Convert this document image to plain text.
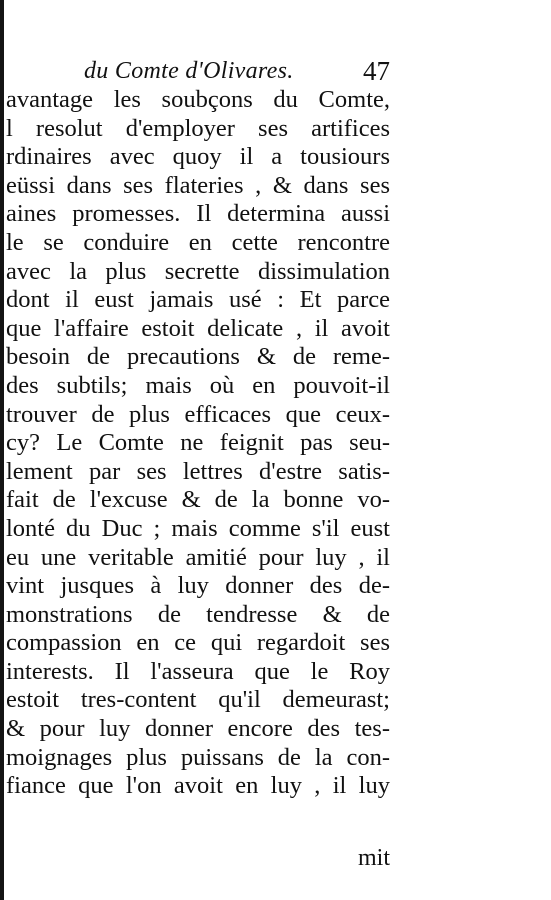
du Comte d'Olivares.	47
avantage les soubçons du Comte,
l resolut d'employer ses artifices
rdinaires avec quoy il a tousiours
eüssi dans ses flateries , & dans ses
aines promesses. Il determina aussi
le se conduire en cette rencontre
avec la plus secrette dissimulation
dont il eust jamais usé : Et parce
que l'affaire estoit delicate , il avoit
besoin de precautions & de reme-
des subtils; mais où en pouvoit-il
trouver de plus efficaces que ceux-
cy? Le Comte ne feignit pas seu-
lement par ses lettres d'estre satis-
fait de l'excuse & de la bonne vo-
lonté du Duc ; mais comme s'il eust
eu une veritable amitié pour luy , il
vint jusques à luy donner des de-
monstrations de tendresse & de
compassion en ce qui regardoit ses
interests. Il l'asseura que le Roy
estoit tres-content qu'il demeurast;
& pour luy donner encore des tes-
moignages plus puissans de la con-
fiance que l'on avoit en luy , il luy
mit
